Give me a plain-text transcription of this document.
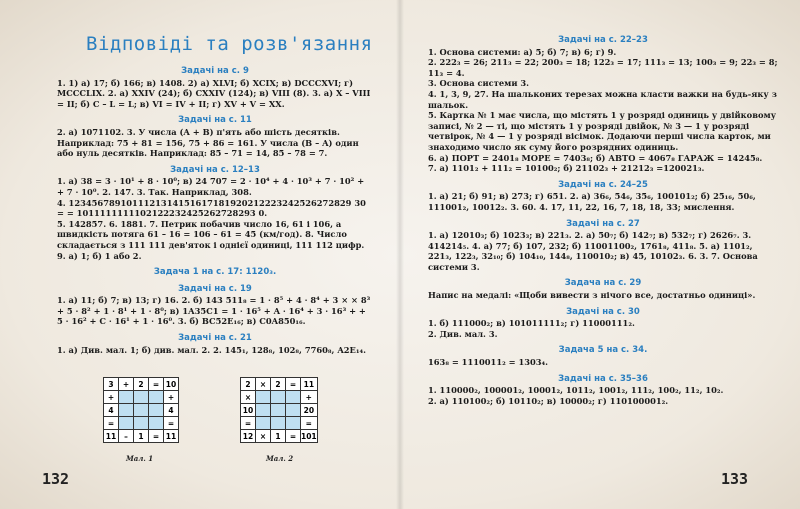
Відповіді та розв'язання
Задачі на с. 9
1. 1) а) 17; б) 166; в) 1408. 2) а) XLVI; б) XCIX; в) DCCCXVI; г) MCCCLIX. 2. а) XXIV (24); б) CXXIV (124); в) VIII (8). 3. а) X – VIII = II; б) C – L = L; в) VI = IV + II; г) XV + V = XX.
Задачі на с. 11
2. а) 1071102. 3. У числа (A + B) п'ять або шість десятків. Наприклад: 75 + 81 = 156, 75 + 86 = 161. У числа (B – A) один або нуль десятків. Наприклад: 85 – 71 = 14, 85 – 78 = 7.
Задачі на с. 12–13
1. а) 38 = 3 · 10¹ + 8 · 10⁰; в) 24 707 = 2 · 10⁴ + 4 · 10³ + 7 · 10² + + 7 · 10⁰. 2. 147. 3. Так. Наприклад, 308.
4. 1234567891011121314151617181920212223242526272829 30 = = 1011111111102122232425262728293 0.
5. 142857. 6. 1881. 7. Петрик побачив число 16, 61 і 106, а швидкість потяга 61 – 16 = 106 – 61 = 45 (км/год). 8. Число складається з 111 111 дев'яток і однієї одиниці, 111 112 цифр. 9. а) 1; б) 1 або 2.
Задача 1 на с. 17: 1120₃.
Задачі на с. 19
1. а) 11; б) 7; в) 13; г) 16. 2. б) 143 511₈ = 1 · 8⁵ + 4 · 8⁴ + 3 × × 8³ + 5 · 8² + 1 · 8¹ + 1 · 8⁰; в) 1A35C1 = 1 · 16⁵ + A · 16⁴ + 3 · 16³ + + 5 · 16² + C · 16¹ + 1 · 16⁰. 3. б) BC52E₁₆; в) C0A850₁₆.
Задачі на с. 21
1. а) Див. мал. 1; б) див. мал. 2. 2. 145₁, 128₈, 102₈, 7760₈, A2E₁₄.
3	+	2	=	10
+				+
4				4
=				=
11	–	1	=	11
Мал. 1
2	×	2	=	11
×				+
10				20
=				=
12	×	1	=	101
Мал. 2
132
Задачі на с. 22–23
1. Основа системи: а) 5; б) 7; в) 6; г) 9.
2. 222₃ = 26; 211₃ = 22; 200₃ = 18; 122₃ = 17; 111₃ = 13; 100₃ = 9; 22₃ = 8; 11₃ = 4.
3. Основа системи 3.
4. 1, 3, 9, 27. На шальконих терезах можна класти важки на будь-яку з шальок.
5. Картка № 1 має числа, що містять 1 у розряді одиниць у двійковому записі, № 2 — ті, що містять 1 у розряді двійок, № 3 — 1 у розряді четвірок, № 4 — 1 у розряді вісімок. Додаючи перші числа карток, ми знаходимо число як суму його розрядних одиниць.
6. а) ПОРТ = 2401₈ МОРЕ = 7403₈; б) АВТО = 4067₈ ГАРАЖ = 14245₈.
7. а) 1101₂ + 111₂ = 10100₂; б) 21102₃ + 21212₃ =120021₃.
Задачі на с. 24–25
1. а) 21; б) 91; в) 273; г) 651. 2. а) 36₆, 54₆, 35₆, 100101₂; б) 25₁₆, 50₆, 111001₂, 10012₂. 3. 60. 4. 17, 11, 22, 16, 7, 18, 18, 33; мислення.
Задачі на с. 27
1. а) 12010₃; б) 1023₃; в) 221₃. 2. а) 50₇; б) 142₇; в) 532₇; г) 2626₇. 3. 414214₅. 4. а) 77; б) 107, 232; б) 11001100₂, 1761₈, 411₈. 5. а) 1101₂, 221₃, 122₃, 32₁₀; б) 104₁₀, 144₈, 110010₂; в) 45, 10102₃. 6. 3. 7. Основа системи 3.
Задача на с. 29
Напис на медалі: «Щоби вивести з нічого все, достатньо одиниці».
Задачі на с. 30
1. б) 111000₂; в) 101011111₂; г) 11000111₂.
2. Див. мал. 3.
Задача 5 на с. 34.
163₈ = 1110011₂ = 1303₄.
Задачі на с. 35–36
1. 110000₂, 100001₂, 10001₂, 1011₂, 1001₂, 111₂, 100₂, 11₂, 10₂.
2. а) 110100₂; б) 10110₂; в) 10000₂; г) 110100001₂.
133
